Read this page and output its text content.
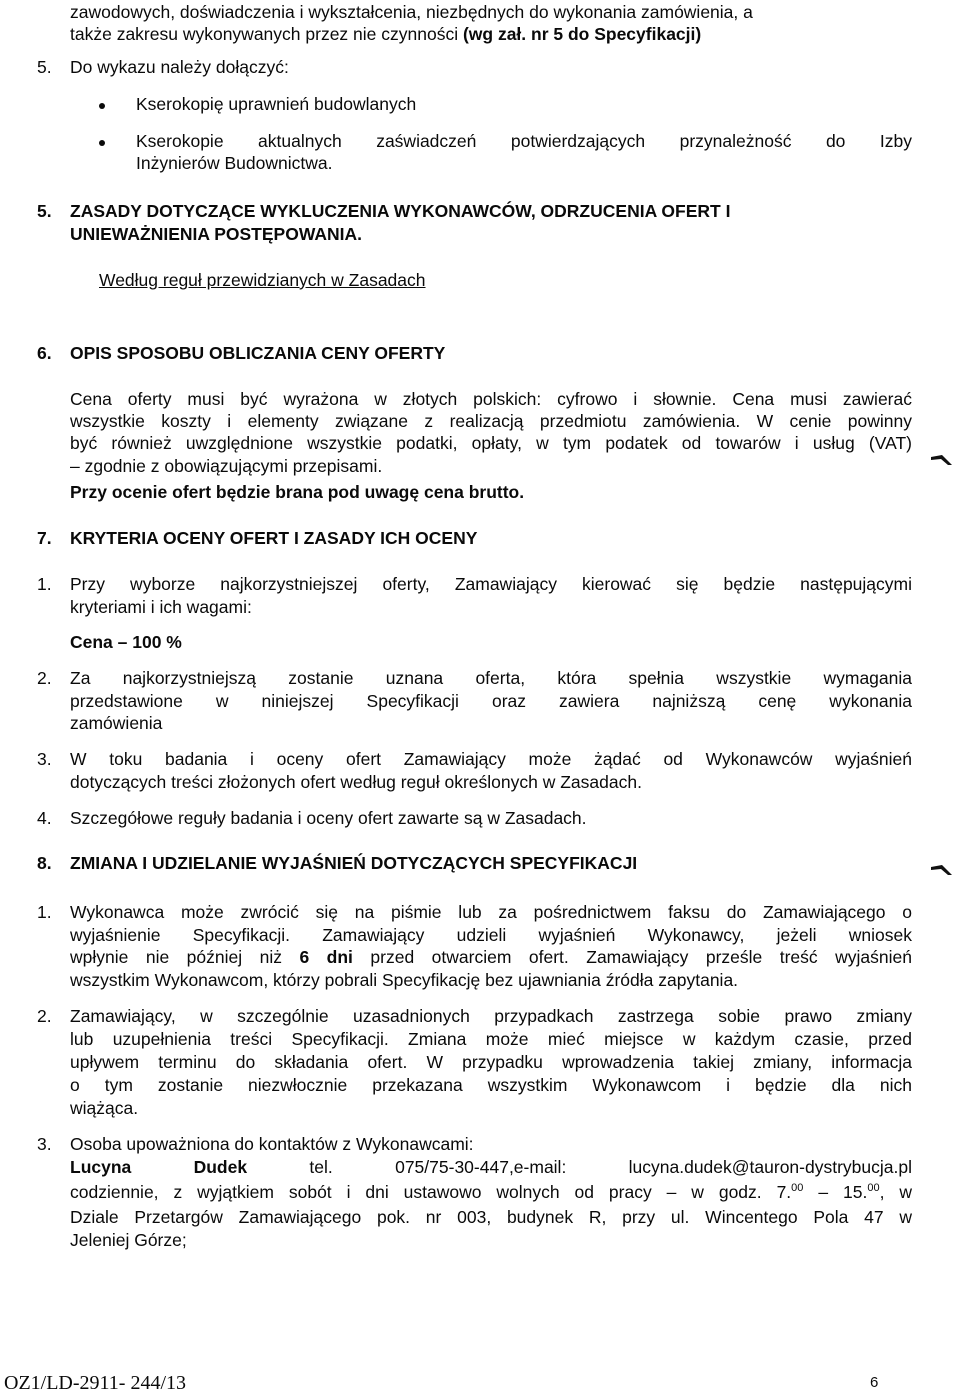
zawodowych, doświadczenia i wykształcenia, niezbędnych do wykonania zamówienia, a
także zakresu wykonywanych przez nie czynności (wg zał. nr 5 do Specyfikacji)
5. Do wykazu należy dołączyć:
Kserokopię uprawnień budowlanych
Kserokopie aktualnych zaświadczeń potwierdzających przynależność do Izby
Inżynierów Budownictwa.
5. ZASADY DOTYCZĄCE WYKLUCZENIA WYKONAWCÓW, ODRZUCENIA OFERT I
UNIEWAŻNIENIA POSTĘPOWANIA.
Według reguł przewidzianych w Zasadach
6. OPIS SPOSOBU OBLICZANIA CENY OFERTY
Cena oferty musi być wyrażona w złotych polskich: cyfrowo i słownie. Cena musi zawierać
wszystkie koszty i elementy związane z realizacją przedmiotu zamówienia. W cenie powinny
być również uwzględnione wszystkie podatki, opłaty, w tym podatek od towarów i usług (VAT)
– zgodnie z obowiązującymi przepisami.
Przy ocenie ofert będzie brana pod uwagę cena brutto.
7. KRYTERIA OCENY OFERT I ZASADY ICH OCENY
1. Przy wyborze najkorzystniejszej oferty, Zamawiający kierować się będzie następującymi
kryteriami i ich wagami:
Cena – 100 %
2. Za najkorzystniejszą zostanie uznana oferta, która spełnia wszystkie wymagania
przedstawione w niniejszej Specyfikacji oraz zawiera najniższą cenę wykonania
zamówienia
3. W toku badania i oceny ofert Zamawiający może żądać od Wykonawców wyjaśnień
dotyczących treści złożonych ofert według reguł określonych w Zasadach.
4. Szczegółowe reguły badania i oceny ofert zawarte są w Zasadach.
8. ZMIANA I UDZIELANIE WYJAŚNIEŃ DOTYCZĄCYCH SPECYFIKACJI
1. Wykonawca może zwrócić się na piśmie lub za pośrednictwem faksu do Zamawiającego o
wyjaśnienie Specyfikacji. Zamawiający udzieli wyjaśnień Wykonawcy, jeżeli wniosek
wpłynie nie później niż 6 dni przed otwarciem ofert. Zamawiający prześle treść wyjaśnień
wszystkim Wykonawcom, którzy pobrali Specyfikację bez ujawniania źródła zapytania.
2. Zamawiający, w szczególnie uzasadnionych przypadkach zastrzega sobie prawo zmiany
lub uzupełnienia treści Specyfikacji. Zmiana może mieć miejsce w każdym czasie, przed
upływem terminu do składania ofert. W przypadku wprowadzenia takiej zmiany, informacja
o tym zostanie niezwłocznie przekazana wszystkim Wykonawcom i będzie dla nich
wiążąca.
3. Osoba upoważniona do kontaktów z Wykonawcami:
Lucyna Dudek	tel.	075/75-30-447,e-mail:	lucyna.dudek@tauron-dystrybucja.pl
codziennie, z wyjątkiem sobót i dni ustawowo wolnych od pracy – w godz. 7.00 – 15.00, w
Dziale Przetargów Zamawiającego pok. nr 003, budynek R, przy ul. Wincentego Pola 47 w
Jeleniej Górze;
OZ1/LD-2911- 244/13	6
